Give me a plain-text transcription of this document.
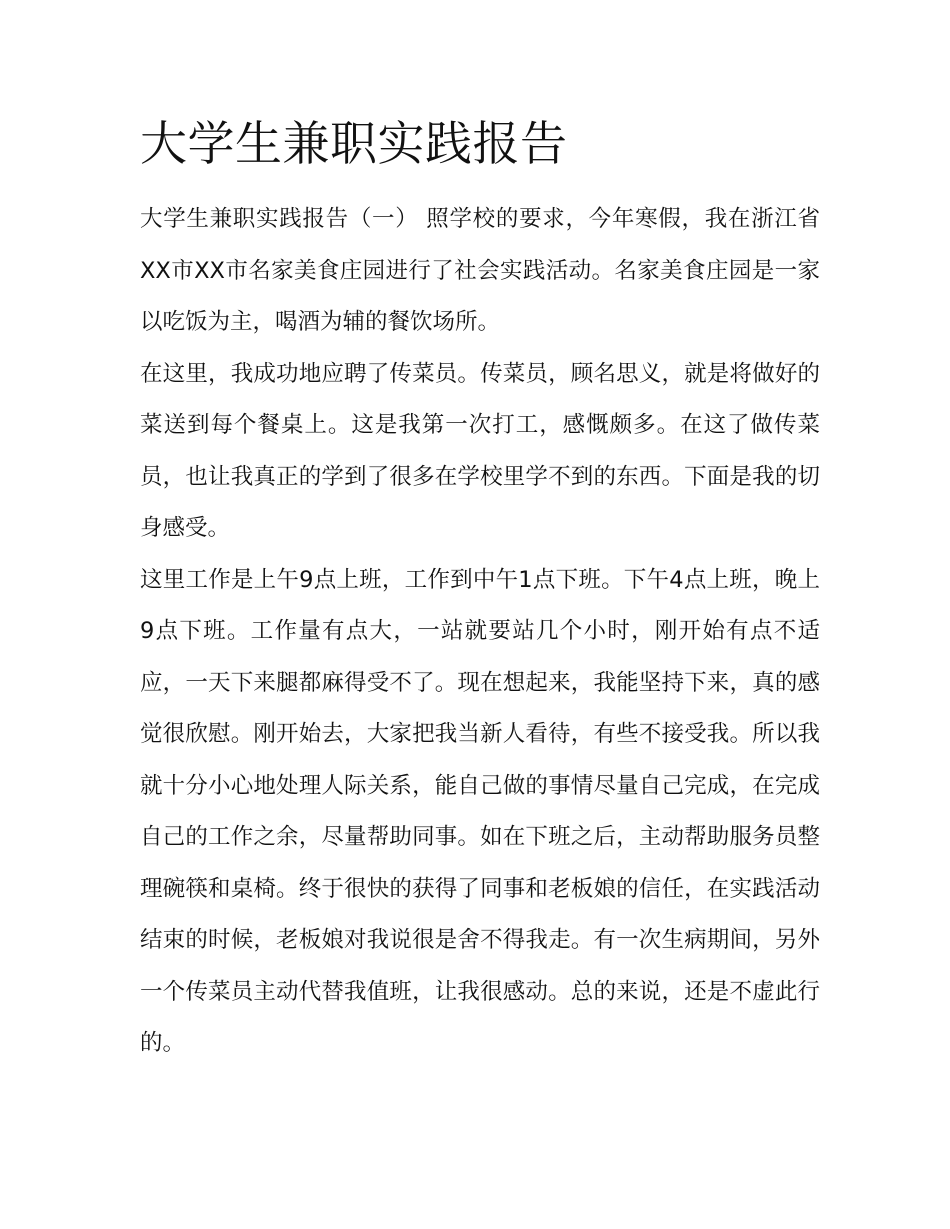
大学生兼职实践报告

大学生兼职实践报告（一） 照学校的要求，今年寒假，我在浙江省XX市XX市名家美食庄园进行了社会实践活动。名家美食庄园是一家以吃饭为主，喝酒为辅的餐饮场所。

在这里，我成功地应聘了传菜员。传菜员，顾名思义，就是将做好的菜送到每个餐桌上。这是我第一次打工，感慨颇多。在这了做传菜员，也让我真正的学到了很多在学校里学不到的东西。下面是我的切身感受。

这里工作是上午9点上班，工作到中午1点下班。下午4点上班，晚上9点下班。工作量有点大，一站就要站几个小时，刚开始有点不适应，一天下来腿都麻得受不了。现在想起来，我能坚持下来，真的感觉很欣慰。刚开始去，大家把我当新人看待，有些不接受我。所以我就十分小心地处理人际关系，能自己做的事情尽量自己完成，在完成自己的工作之余，尽量帮助同事。如在下班之后，主动帮助服务员整理碗筷和桌椅。终于很快的获得了同事和老板娘的信任，在实践活动结束的时候，老板娘对我说很是舍不得我走。有一次生病期间，另外一个传菜员主动代替我值班，让我很感动。总的来说，还是不虚此行的。
